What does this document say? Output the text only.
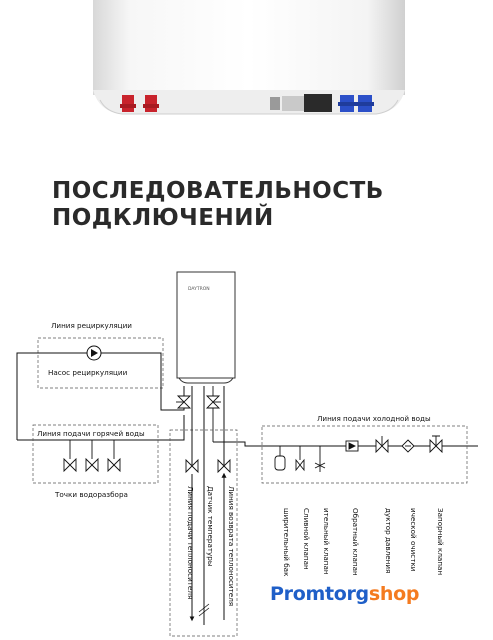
ПОСЛЕДОВАТЕЛЬНОСТЬ
ПОДКЛЮЧЕНИЙ
DAYTRON
Линия рециркуляции
Насос рециркуляции
Линия подачи горячей воды
Точки водоразбора	Линия подачи теплоносителя Датчик температуры Линия возврата теплоносителя
Линия подачи холодной воды
ширительный бак Сливной клапан ительный клапан	Обратный клапан	дуктор давления ической очистки	Запорный клапан
Promtorg shop
